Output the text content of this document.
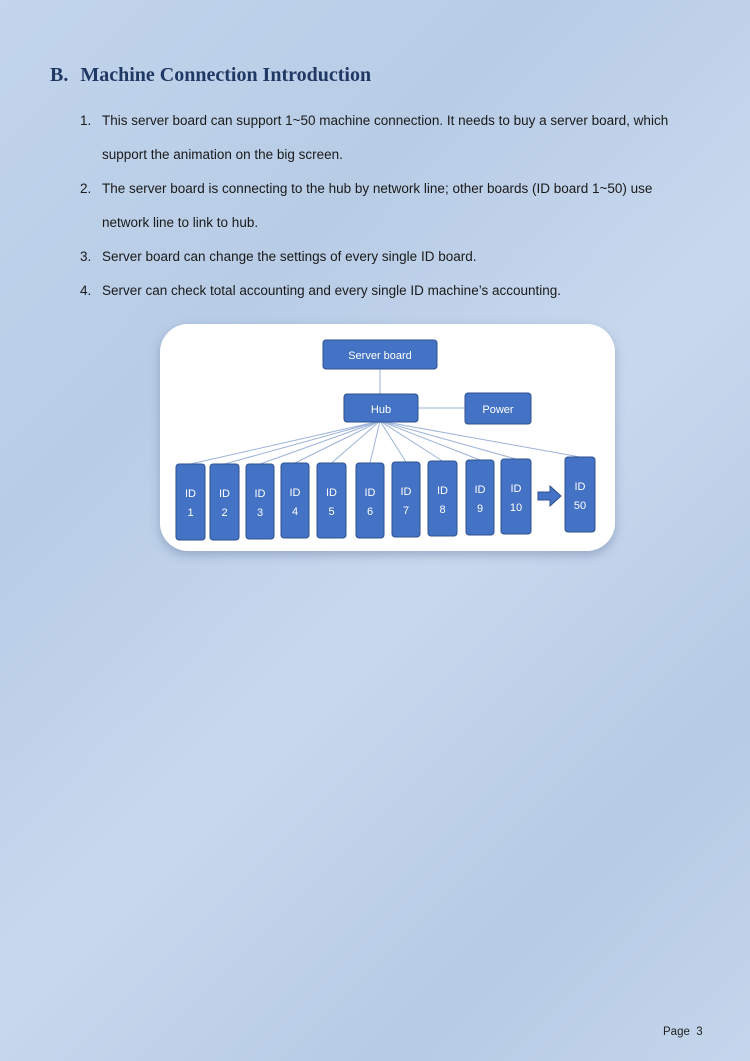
B. Machine Connection Introduction
1. This server board can support 1~50 machine connection. It needs to buy a server board, which
support the animation on the big screen.
2. The server board is connecting to the hub by network line; other boards (ID board 1~50) use
network line to link to hub.
3. Server board can change the settings of every single ID board.
4. Server can check total accounting and every single ID machine’s accounting.
Server board
Hub	Power
ID
1
ID
2
ID
3
ID
4
ID
5
ID
6
ID
7
ID
8
ID
9
ID
10
ID
50
Page 3
